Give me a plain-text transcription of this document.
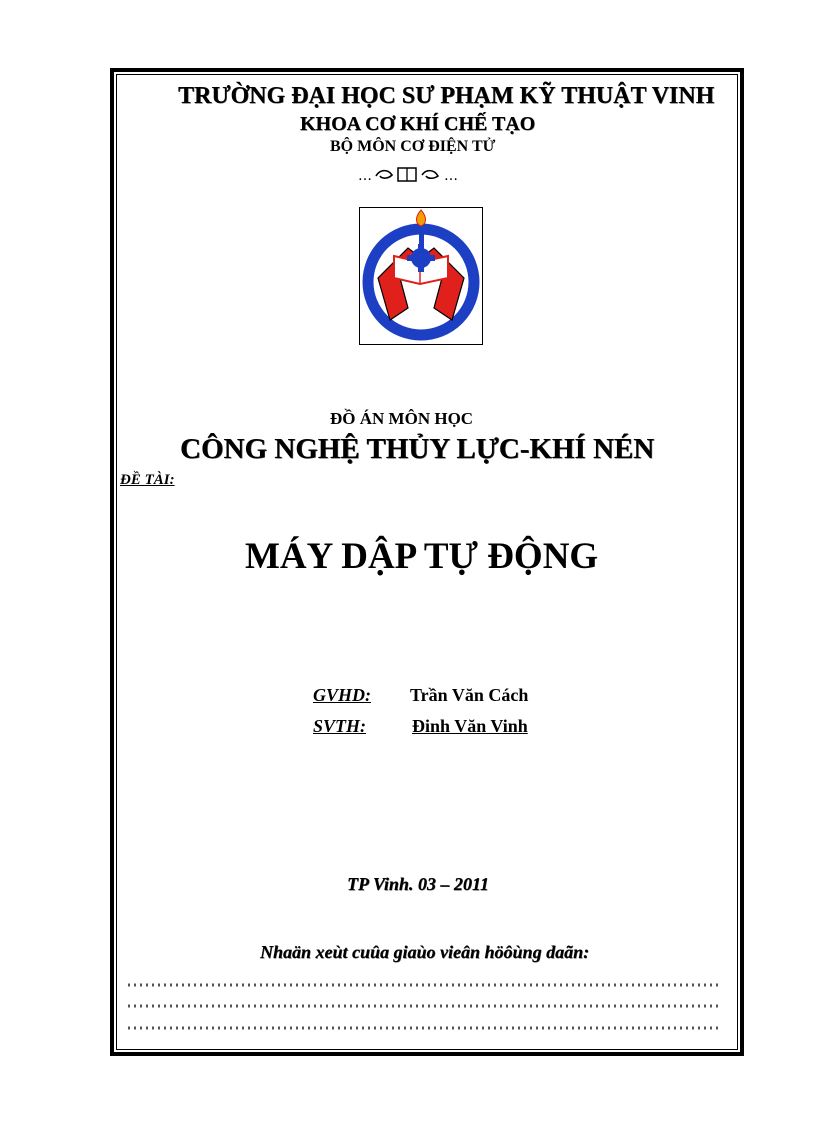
TRƯỜNG ĐẠI HỌC SƯ PHẠM KỸ THUẬT VINH
KHOA CƠ KHÍ CHẾ TẠO
BỘ MÔN CƠ ĐIỆN TỬ
…	…
ĐỒ ÁN MÔN HỌC
CÔNG NGHỆ THỦY LỰC-KHÍ NÉN
ĐỀ TÀI:
MÁY DẬP TỰ ĐỘNG
GVHD: Trần Văn Cách
SVTH:	Đinh Văn Vinh
TP Vinh. 03 – 2011
Nhaän xeùt cuûa giaùo vieân höôùng daãn:
